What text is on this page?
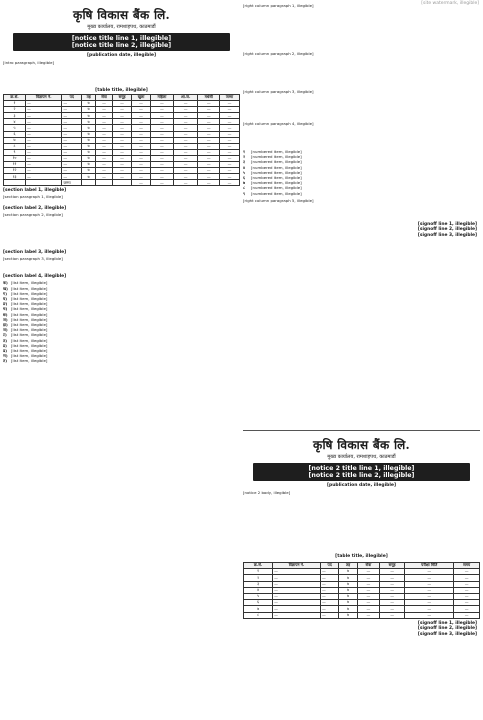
[site watermark, illegible]
कृषि विकास बैंक लि.
मुख्य कार्यालय, रामशाहपथ, काठमाडौं
[notice title line 1, illegible]
[notice title line 2, illegible]
[publication date, illegible]
[intro paragraph, illegible]
[table title, illegible]
क्र.सं.	विज्ञापन नं.	पद	तह	सेवा	समूह	खुला	महिला	आ.ज.	मधेसी	जम्मा
१	—	—	७	—	—	—	—	—	—	—
२	—	—	७	—	—	—	—	—	—	—
३	—	—	७	—	—	—	—	—	—	—
४	—	—	७	—	—	—	—	—	—	—
५	—	—	७	—	—	—	—	—	—	—
६	—	—	७	—	—	—	—	—	—	—
७	—	—	७	—	—	—	—	—	—	—
८	—	—	७	—	—	—	—	—	—	—
९	—	—	७	—	—	—	—	—	—	—
१०	—	—	७	—	—	—	—	—	—	—
११	—	—	७	—	—	—	—	—	—	—
१२	—	—	७	—	—	—	—	—	—	—
१३	—	—	७	—	—	—	—	—	—	—
		जम्मा				—	—	—	—	—
[section label 1, illegible]
[section paragraph 1, illegible]
[section label 2, illegible]
[section paragraph 2, illegible]
[section label 3, illegible]
[section paragraph 3, illegible]
[section label 4, illegible]
क) [list item, illegible]
ख) [list item, illegible]
ग)	[list item, illegible]
घ)	[list item, illegible]
ङ) [list item, illegible]
च) [list item, illegible]
छ) [list item, illegible]
ज) [list item, illegible]
झ) [list item, illegible]
ञ) [list item, illegible]
ट)	[list item, illegible]
ठ)	[list item, illegible]
ड)	[list item, illegible]
ढ)	[list item, illegible]
ण) [list item, illegible]
त)	[list item, illegible]
[right column paragraph 1, illegible]
[right column paragraph 2, illegible]
[right column paragraph 3, illegible]
[right column paragraph 4, illegible]
१	[numbered item, illegible]
२	[numbered item, illegible]
३	[numbered item, illegible]
४	[numbered item, illegible]
५	[numbered item, illegible]
६	[numbered item, illegible]
७	[numbered item, illegible]
८	[numbered item, illegible]
९	[numbered item, illegible]
[right column paragraph 5, illegible]
[signoff line 1, illegible]
[signoff line 2, illegible]
[signoff line 3, illegible]
कृषि विकास बैंक लि.
मुख्य कार्यालय, रामशाहपथ, काठमाडौं
[notice 2 title line 1, illegible]
[notice 2 title line 2, illegible]
[publication date, illegible]
[notice 2 body, illegible]
[table title, illegible]
क्र.सं.	विज्ञापन नं.	पद	तह	सेवा	समूह	परीक्षा मिति	समय
१	—	—	७	—	—	—	—
२	—	—	७	—	—	—	—
३	—	—	७	—	—	—	—
४	—	—	७	—	—	—	—
५	—	—	७	—	—	—	—
६	—	—	७	—	—	—	—
७	—	—	७	—	—	—	—
८	—	—	७	—	—	—	—
[signoff line 1, illegible]
[signoff line 2, illegible]
[signoff line 3, illegible]
